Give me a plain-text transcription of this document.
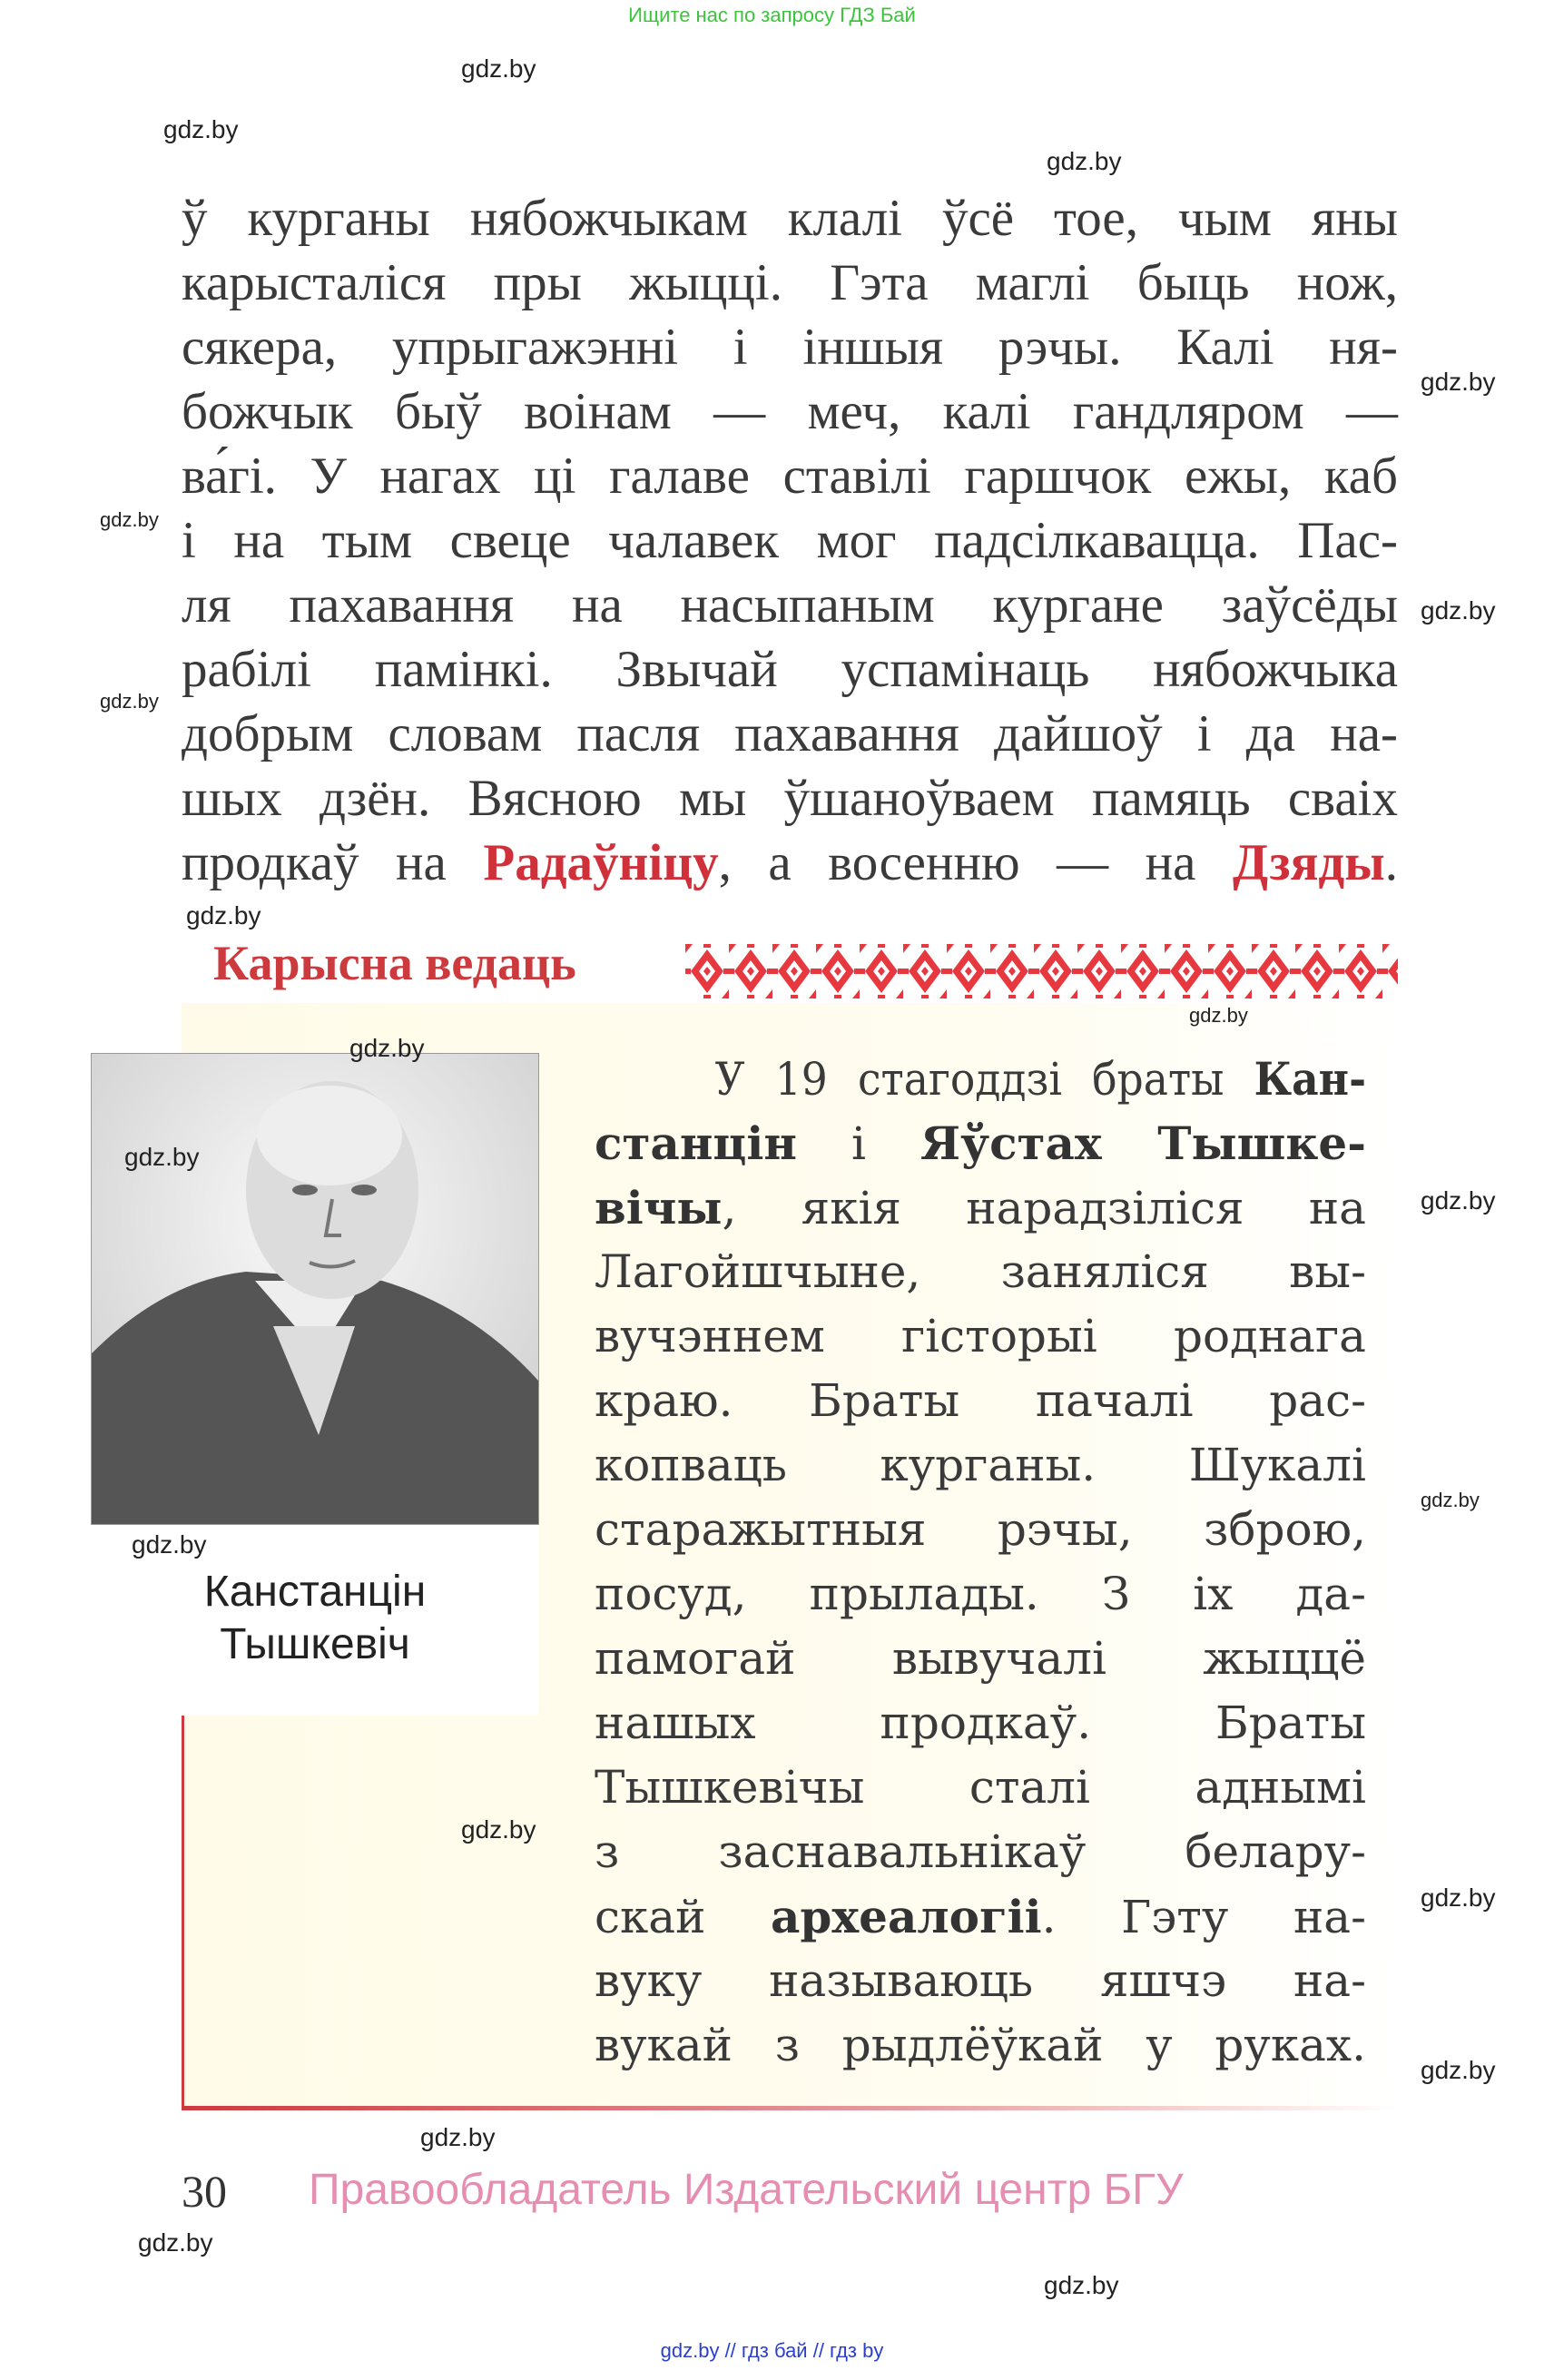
Ищите нас по запросу ГДЗ Бай
ў курганы нябожчыкам клалі ўсё тое, чым яны
карысталіся пры жыцці. Гэта маглі быць нож,
сякера, упрыгажэнні і іншыя рэчы. Калі ня-
божчык быў воінам — меч, калі гандляром —
ва́гі. У нагах ці галаве ставілі гаршчок ежы, каб
і на тым свеце чалавек мог падсілкавацца. Пас-
ля пахавання на насыпаным кургане заўсёды
рабілі памінкі. Звычай успамінаць нябожчыка
добрым словам пасля пахавання дайшоў і да на-
шых дзён. Вясною мы ўшаноўваем памяць сваіх
продкаў на Радаўніцу, а восенню — на Дзяды.
Карысна ведаць
Канстанцін
Тышкевіч
У 19 стагоддзі браты Кан-
станцін і Яўстах Тышке-
вічы, якія нарадзіліся на
Лагойшчыне, заняліся вы-
вучэннем гісторыі роднага
краю. Браты пачалі рас-
копваць курганы. Шукалі
старажытныя рэчы, зброю,
посуд, прылады. З іх да-
памогай вывучалі жыццё
нашых продкаў. Браты
Тышкевічы сталі аднымі
з заснавальнікаў белару-
скай археалогіі. Гэту на-
вуку называюць яшчэ на-
вукай з рыдлёўкай у руках.
30 Правообладатель Издательский центр БГУ
gdz.by // гдз бай // гдз by
gdz.by
gdz.by
gdz.by
gdz.by
gdz.by
gdz.by
gdz.by
gdz.by
gdz.by
gdz.by
gdz.by
gdz.by
gdz.by
gdz.by
gdz.by
gdz.by
gdz.by
gdz.by
gdz.by
gdz.by
